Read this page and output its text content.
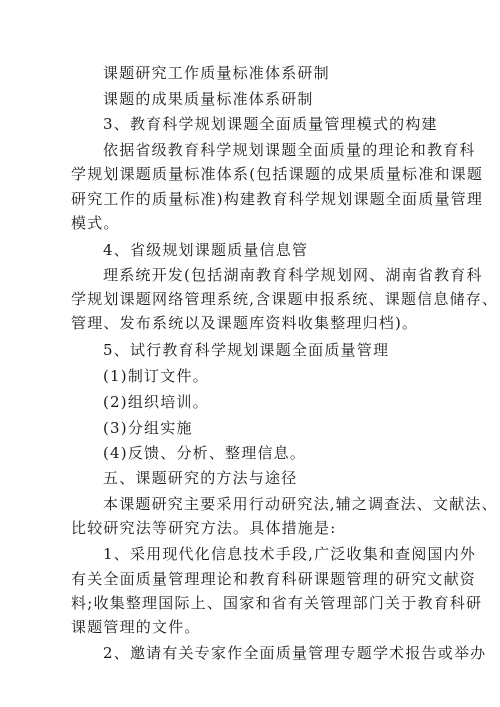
课题研究工作质量标准体系研制
课题的成果质量标准体系研制
3、教育科学规划课题全面质量管理模式的构建
依据省级教育科学规划课题全面质量的理论和教育科
学规划课题质量标准体系(包括课题的成果质量标准和课题
研究工作的质量标准)构建教育科学规划课题全面质量管理
模式。
4、省级规划课题质量信息管
理系统开发(包括湖南教育科学规划网、湖南省教育科
学规划课题网络管理系统,含课题申报系统、课题信息储存、
管理、发布系统以及课题库资料收集整理归档)。
5、试行教育科学规划课题全面质量管理
(1)制订文件。
(2)组织培训。
(3)分组实施
(4)反馈、分析、整理信息。
五、课题研究的方法与途径
本课题研究主要采用行动研究法,辅之调查法、文献法、
比较研究法等研究方法。具体措施是:
1、采用现代化信息技术手段,广泛收集和查阅国内外
有关全面质量管理理论和教育科研课题管理的研究文献资
料;收集整理国际上、国家和省有关管理部门关于教育科研
课题管理的文件。
2、邀请有关专家作全面质量管理专题学术报告或举办
